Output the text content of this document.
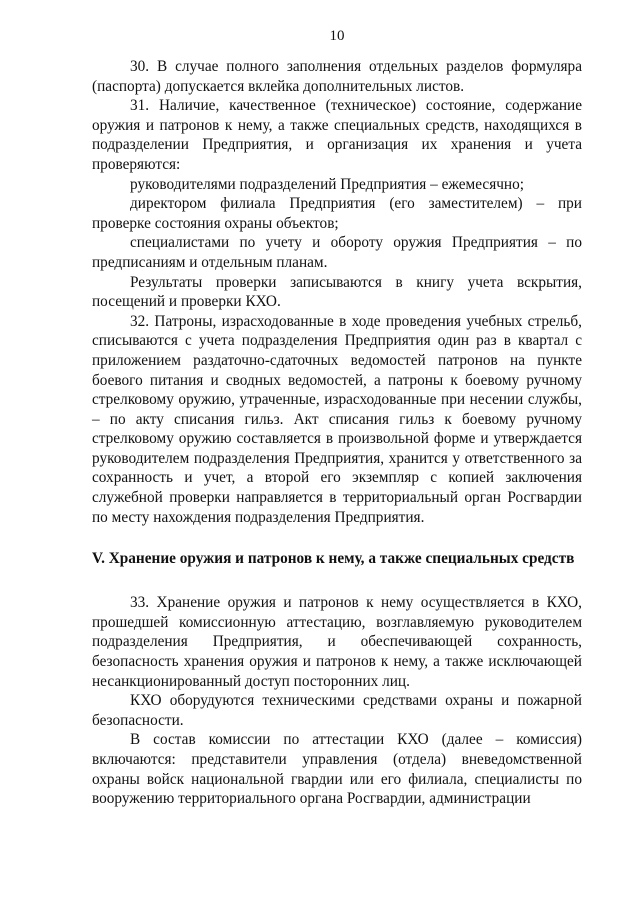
10

30. В случае полного заполнения отдельных разделов формуляра (паспорта) допускается вклейка дополнительных листов.

31. Наличие, качественное (техническое) состояние, содержание оружия и патронов к нему, а также специальных средств, находящихся в подразделении Предприятия, и организация их хранения и учета проверяются:

руководителями подразделений Предприятия – ежемесячно;

директором филиала Предприятия (его заместителем) – при проверке состояния охраны объектов;

специалистами по учету и обороту оружия Предприятия – по предписаниям и отдельным планам.

Результаты проверки записываются в книгу учета вскрытия, посещений и проверки КХО.

32. Патроны, израсходованные в ходе проведения учебных стрельб, списываются с учета подразделения Предприятия один раз в квартал с приложением раздаточно-сдаточных ведомостей патронов на пункте боевого питания и сводных ведомостей, а патроны к боевому ручному стрелковому оружию, утраченные, израсходованные при несении службы, – по акту списания гильз. Акт списания гильз к боевому ручному стрелковому оружию составляется в произвольной форме и утверждается руководителем подразделения Предприятия, хранится у ответственного за сохранность и учет, а второй его экземпляр с копией заключения служебной проверки направляется в территориальный орган Росгвардии по месту нахождения подразделения Предприятия.

V. Хранение оружия и патронов к нему, а также специальных средств

33. Хранение оружия и патронов к нему осуществляется в КХО, прошедшей комиссионную аттестацию, возглавляемую руководителем подразделения Предприятия, и обеспечивающей сохранность, безопасность хранения оружия и патронов к нему, а также исключающей несанкционированный доступ посторонних лиц.

КХО оборудуются техническими средствами охраны и пожарной безопасности.

В состав комиссии по аттестации КХО (далее – комиссия) включаются: представители управления (отдела) вневедомственной охраны войск национальной гвардии или его филиала, специалисты по вооружению территориального органа Росгвардии, администрации
